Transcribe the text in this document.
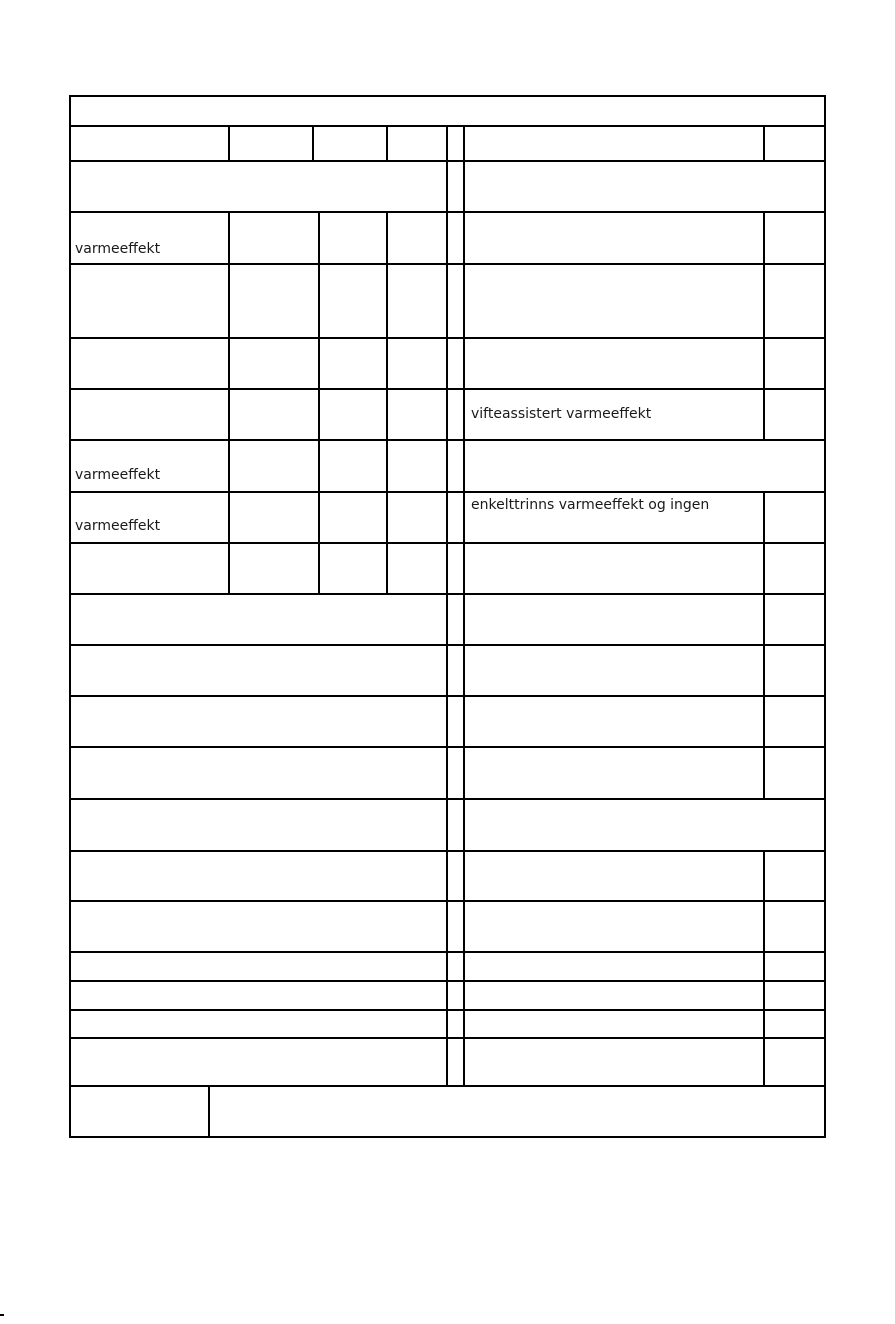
varmeeffekt
varmeeffekt
varmeeffekt
vifteassistert varmeeffekt
enkelttrinns varmeeffekt og ingen
